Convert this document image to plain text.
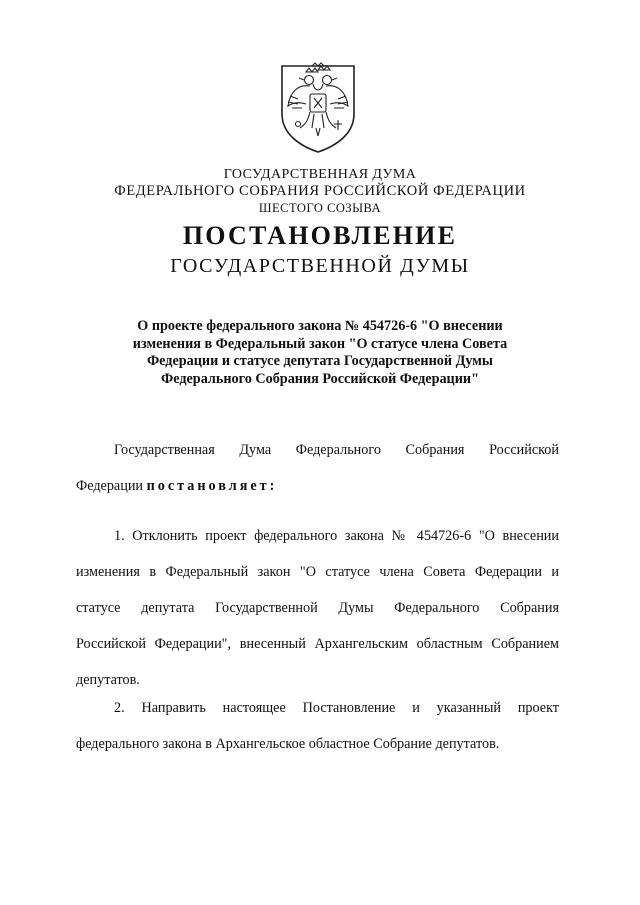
ГОСУДАРСТВЕННАЯ ДУМА
ФЕДЕРАЛЬНОГО СОБРАНИЯ РОССИЙСКОЙ ФЕДЕРАЦИИ
ШЕСТОГО СОЗЫВА
ПОСТАНОВЛЕНИЕ
ГОСУДАРСТВЕННОЙ ДУМЫ
О проекте федерального закона № 454726-6 "О внесении
изменения в Федеральный закон "О статусе члена Совета
Федерации и статусе депутата Государственной Думы
Федерального Собрания Российской Федерации"
Государственная Дума Федерального Собрания Российской
Федерации постановляет:
1. Отклонить проект федерального закона № 454726-6 "О внесении
изменения в Федеральный закон "О статусе члена Совета Федерации и
статусе депутата Государственной Думы Федерального Собрания
Российской Федерации", внесенный Архангельским областным Собранием
депутатов.
2. Направить настоящее Постановление и указанный проект
федерального закона в Архангельское областное Собрание депутатов.
